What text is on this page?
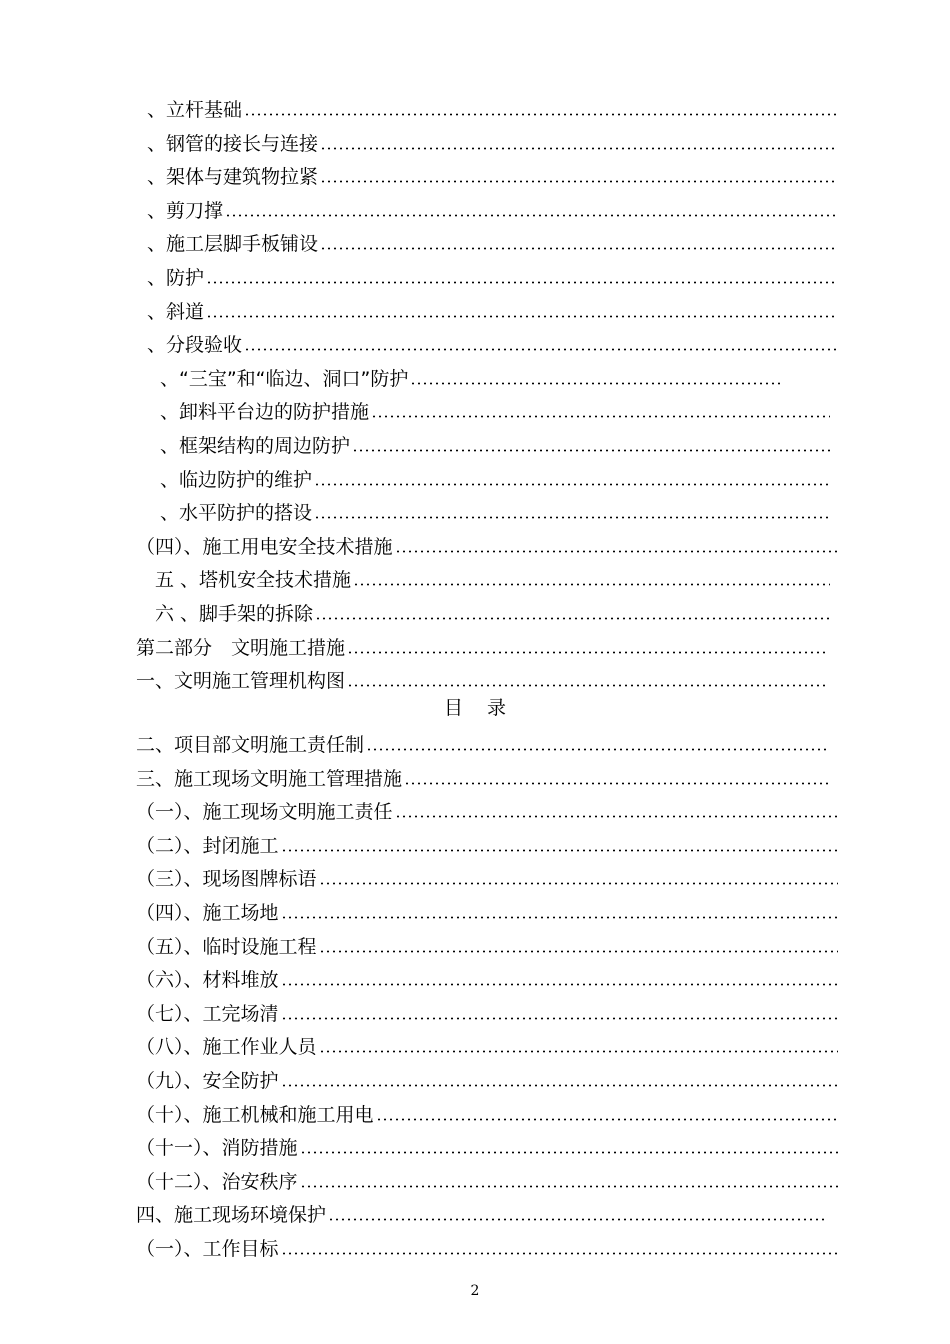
、立杆基础
、钢管的接长与连接
、架体与建筑物拉紧
、剪刀撑
、施工层脚手板铺设
、防护
、斜道
、分段验收
、“三宝”和“临边、洞口”防护
、卸料平台边的防护措施
、框架结构的周边防护
、临边防护的维护
、水平防护的搭设
（四）、施工用电安全技术措施
五 、塔机安全技术措施
六 、脚手架的拆除
第二部分　文明施工措施
一、文明施工管理机构图
二、项目部文明施工责任制
三、施工现场文明施工管理措施
（一）、施工现场文明施工责任
（二）、封闭施工
（三）、现场图牌标语
（四）、施工场地
（五）、临时设施工程
（六）、材料堆放
（七）、工完场清
（八）、施工作业人员
（九）、安全防护
（十）、施工机械和施工用电
（十一）、消防措施
（十二）、治安秩序
四、施工现场环境保护
（一）、工作目标
目录
2
